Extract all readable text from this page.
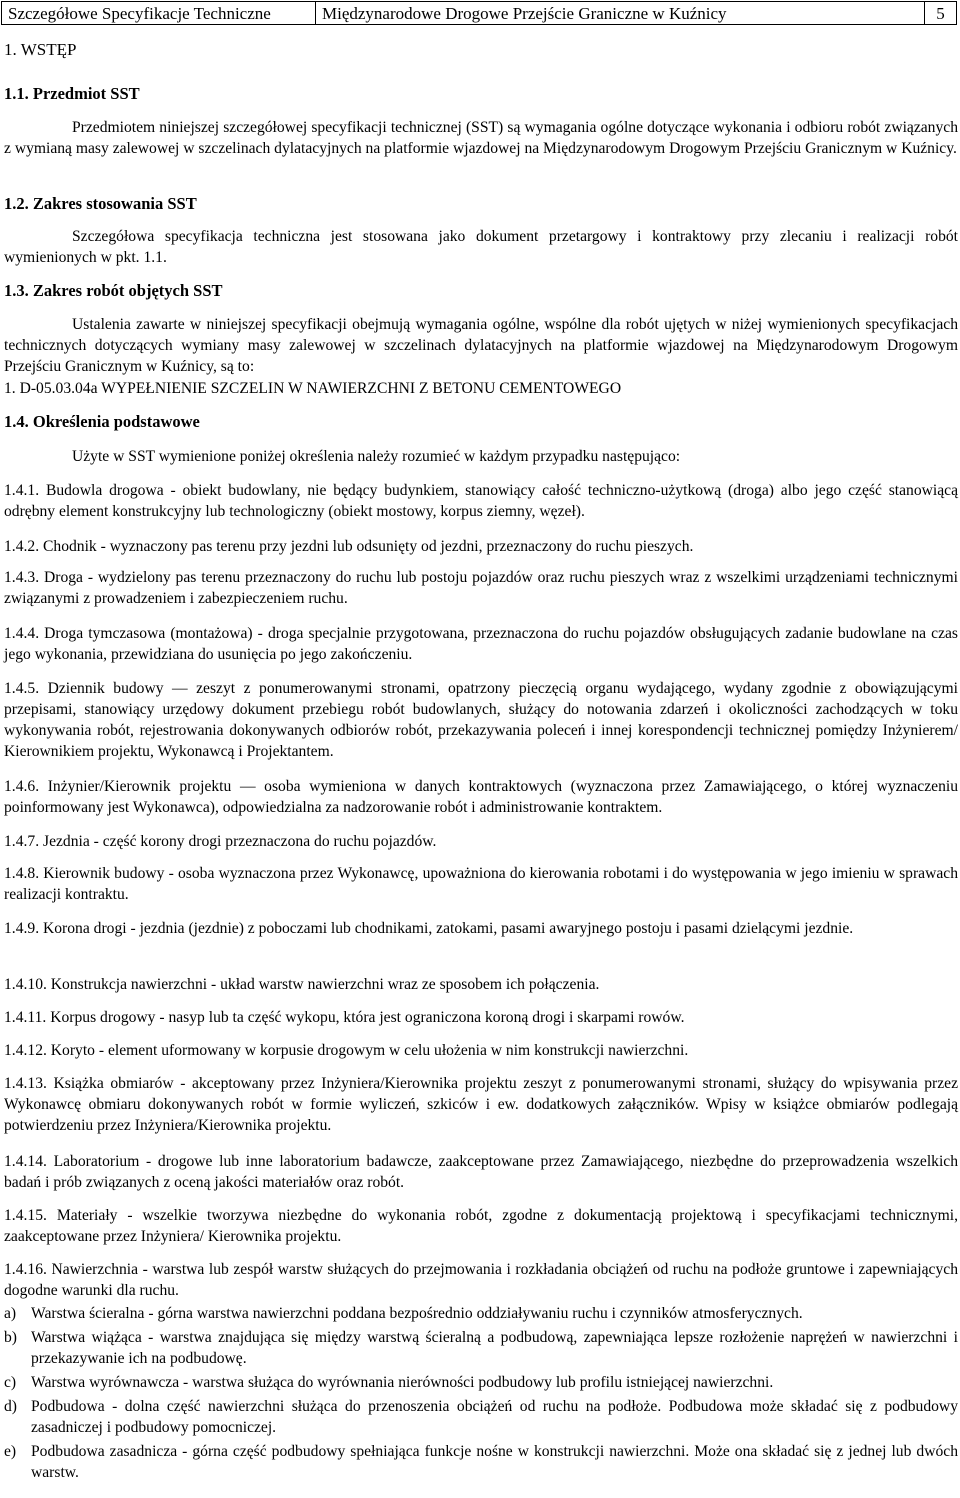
Szczegółowe Specyfikacje Techniczne	Międzynarodowe Drogowe Przejście Graniczne w Kuźnicy	5
1. WSTĘP
1.1. Przedmiot SST

Przedmiotem niniejszej szczegółowej specyfikacji technicznej (SST) są wymagania ogólne dotyczące wykonania i odbioru robót związanych z wymianą masy zalewowej w szczelinach dylatacyjnych na platformie wjazdowej na Międzynarodowym Drogowym Przejściu Granicznym w Kuźnicy.

1.2. Zakres stosowania SST

Szczegółowa specyfikacja techniczna jest stosowana jako dokument przetargowy i kontraktowy przy zlecaniu i realizacji robót wymienionych w pkt. 1.1.

1.3. Zakres robót objętych SST

Ustalenia zawarte w niniejszej specyfikacji obejmują wymagania ogólne, wspólne dla robót ujętych w niżej wymienionych specyfikacjach technicznych dotyczących wymiany masy zalewowej w szczelinach dylatacyjnych na platformie wjazdowej na Międzynarodowym Drogowym Przejściu Granicznym w Kuźnicy, są to:

1. D-05.03.04a WYPEŁNIENIE SZCZELIN W NAWIERZCHNI Z BETONU CEMENTOWEGO
1.4. Określenia podstawowe

Użyte w SST wymienione poniżej określenia należy rozumieć w każdym przypadku następująco:

1.4.1. Budowla drogowa - obiekt budowlany, nie będący budynkiem, stanowiący całość techniczno-użytkową (droga) albo jego część stanowiącą odrębny element konstrukcyjny lub technologiczny (obiekt mostowy, korpus ziemny, węzeł).
1.4.2. Chodnik - wyznaczony pas terenu przy jezdni lub odsunięty od jezdni, przeznaczony do ruchu pieszych.
1.4.3. Droga - wydzielony pas terenu przeznaczony do ruchu lub postoju pojazdów oraz ruchu pieszych wraz z wszelkimi urządzeniami technicznymi związanymi z prowadzeniem i zabezpieczeniem ruchu.
1.4.4. Droga tymczasowa (montażowa) - droga specjalnie przygotowana, przeznaczona do ruchu pojazdów obsługujących zadanie budowlane na czas jego wykonania, przewidziana do usunięcia po jego zakończeniu.
1.4.5. Dziennik budowy — zeszyt z ponumerowanymi stronami, opatrzony pieczęcią organu wydającego, wydany zgodnie z obowiązującymi przepisami, stanowiący urzędowy dokument przebiegu robót budowlanych, służący do notowania zdarzeń i okoliczności zachodzących w toku wykonywania robót, rejestrowania dokonywanych odbiorów robót, przekazywania poleceń i innej korespondencji technicznej pomiędzy Inżynierem/ Kierownikiem projektu, Wykonawcą i Projektantem.
1.4.6. Inżynier/Kierownik projektu — osoba wymieniona w danych kontraktowych (wyznaczona przez Zamawiającego, o której wyznaczeniu poinformowany jest Wykonawca), odpowiedzialna za nadzorowanie robót i administrowanie kontraktem.
1.4.7. Jezdnia - część korony drogi przeznaczona do ruchu pojazdów.
1.4.8. Kierownik budowy - osoba wyznaczona przez Wykonawcę, upoważniona do kierowania robotami i do występowania w jego imieniu w sprawach realizacji kontraktu.
1.4.9. Korona drogi - jezdnia (jezdnie) z poboczami lub chodnikami, zatokami, pasami awaryjnego postoju i pasami dzielącymi jezdnie.
1.4.10. Konstrukcja nawierzchni - układ warstw nawierzchni wraz ze sposobem ich połączenia.
1.4.11. Korpus drogowy - nasyp lub ta część wykopu, która jest ograniczona koroną drogi i skarpami rowów.
1.4.12. Koryto - element uformowany w korpusie drogowym w celu ułożenia w nim konstrukcji nawierzchni.
1.4.13. Książka obmiarów - akceptowany przez Inżyniera/Kierownika projektu zeszyt z ponumerowanymi stronami, służący do wpisywania przez Wykonawcę obmiaru dokonywanych robót w formie wyliczeń, szkiców i ew. dodatkowych załączników. Wpisy w książce obmiarów podlegają potwierdzeniu przez Inżyniera/Kierownika projektu.
1.4.14. Laboratorium - drogowe lub inne laboratorium badawcze, zaakceptowane przez Zamawiającego, niezbędne do przeprowadzenia wszelkich badań i prób związanych z oceną jakości materiałów oraz robót.
1.4.15. Materiały - wszelkie tworzywa niezbędne do wykonania robót, zgodne z dokumentacją projektową i specyfikacjami technicznymi, zaakceptowane przez Inżyniera/ Kierownika projektu.
1.4.16. Nawierzchnia - warstwa lub zespół warstw służących do przejmowania i rozkładania obciążeń od ruchu na podłoże gruntowe i zapewniających dogodne warunki dla ruchu.
a) Warstwa ścieralna - górna warstwa nawierzchni poddana bezpośrednio oddziaływaniu ruchu i czynników atmosferycznych.
b) Warstwa wiążąca - warstwa znajdująca się między warstwą ścieralną a podbudową, zapewniająca lepsze rozłożenie naprężeń w nawierzchni i przekazywanie ich na podbudowę.
c) Warstwa wyrównawcza - warstwa służąca do wyrównania nierówności podbudowy lub profilu istniejącej nawierzchni.
d) Podbudowa - dolna część nawierzchni służąca do przenoszenia obciążeń od ruchu na podłoże. Podbudowa może składać się z podbudowy zasadniczej i podbudowy pomocniczej.
e) Podbudowa zasadnicza - górna część podbudowy spełniająca funkcje nośne w konstrukcji nawierzchni. Może ona składać się z jednej lub dwóch warstw.
